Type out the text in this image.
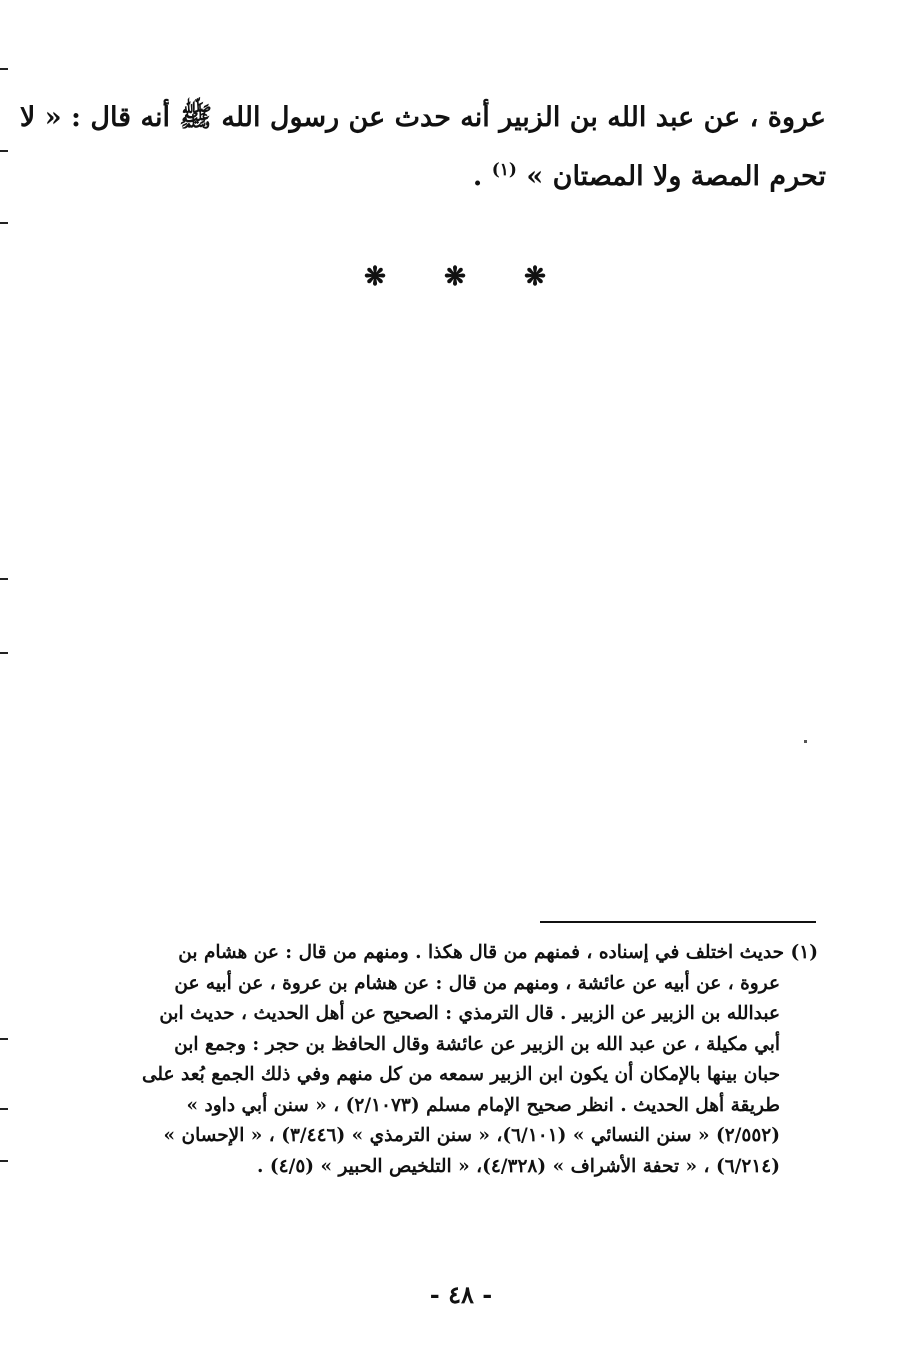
عروة ، عن عبد الله بن الزبير أنه حدث عن رسول الله ﷺ أنه قال : « لا
تحرم المصة ولا المصتان » $^{(١)}$ .
❋ ❋ ❋
(١) حديث اختلف في إسناده ، فمنهم من قال هكذا . ومنهم من قال : عن هشام بن
عروة ، عن أبيه عن عائشة ، ومنهم من قال : عن هشام بن عروة ، عن أبيه عن
عبدالله بن الزبير عن الزبير . قال الترمذي : الصحيح عن أهل الحديث ، حديث ابن
أبي مكيلة ، عن عبد الله بن الزبير عن عائشة وقال الحافظ بن حجر : وجمع ابن
حبان بينها بالإمكان أن يكون ابن الزبير سمعه من كل منهم وفي ذلك الجمع بُعد على
طريقة أهل الحديث . انظر صحيح الإمام مسلم (٢/١٠٧٣) ، « سنن أبي داود »
(٢/٥٥٢) « سنن النسائي » (٦/١٠١)، « سنن الترمذي » (٣/٤٤٦) ، « الإحسان »
(٦/٢١٤) ، « تحفة الأشراف » (٤/٣٢٨)، « التلخيص الحبير » (٤/٥) .
- ٤٨ -
